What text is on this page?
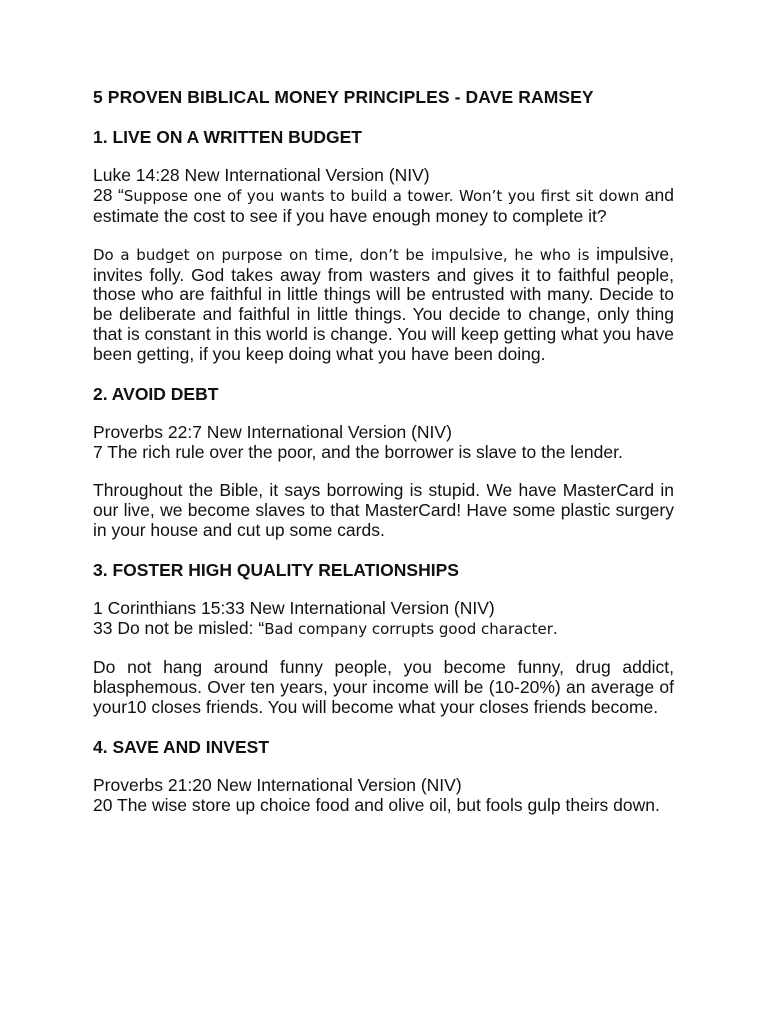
5 PROVEN BIBLICAL MONEY PRINCIPLES - DAVE RAMSEY

1. LIVE ON A WRITTEN BUDGET

Luke 14:28 New International Version (NIV)

28 “Suppose one of you wants to build a tower. Won’t you first sit down and estimate the cost to see if you have enough money to complete it?

Do a budget on purpose on time, don’t be impulsive, he who is impulsive, invites folly. God takes away from wasters and gives it to faithful people, those who are faithful in little things will be entrusted with many. Decide to be deliberate and faithful in little things. You decide to change, only thing that is constant in this world is change. You will keep getting what you have been getting, if you keep doing what you have been doing.

2. AVOID DEBT

Proverbs 22:7 New International Version (NIV)

7 The rich rule over the poor, and the borrower is slave to the lender.

Throughout the Bible, it says borrowing is stupid. We have MasterCard in our live, we become slaves to that MasterCard! Have some plastic surgery in your house and cut up some cards.

3. FOSTER HIGH QUALITY RELATIONSHIPS

1 Corinthians 15:33 New International Version (NIV)

33 Do not be misled: “Bad company corrupts good character.

Do not hang around funny people, you become funny, drug addict, blasphemous. Over ten years, your income will be (10-20%) an average of your10 closes friends. You will become what your closes friends become.

4. SAVE AND INVEST

Proverbs 21:20 New International Version (NIV)

20 The wise store up choice food and olive oil, but fools gulp theirs down.
